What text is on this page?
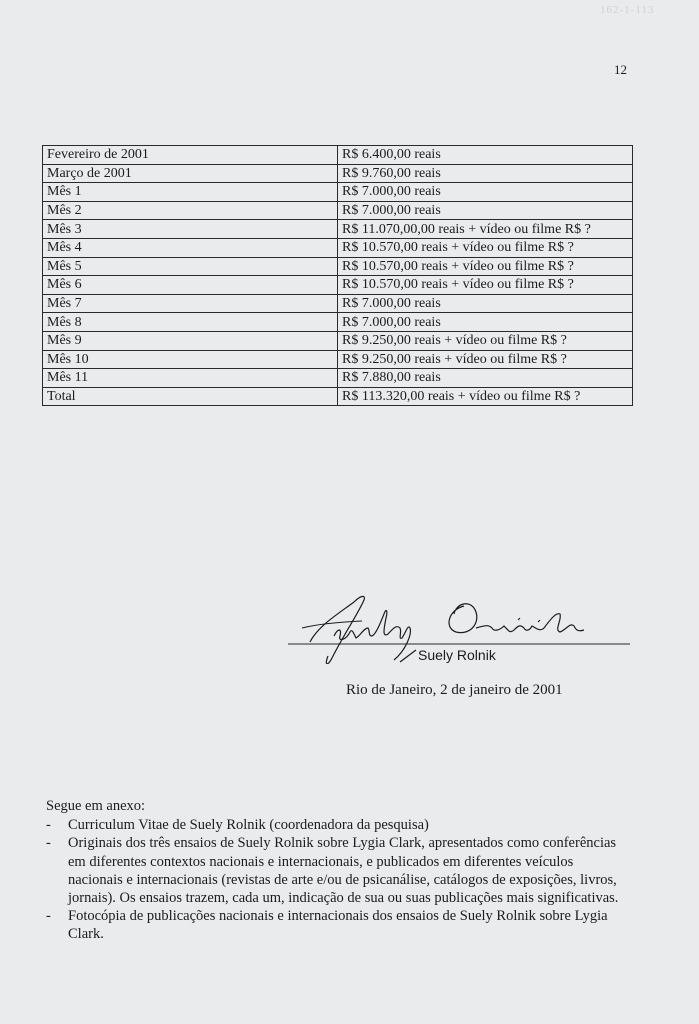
162-1-113
12
Fevereiro de 2001	R$ 6.400,00 reais
Março de 2001	R$ 9.760,00 reais
Mês 1	R$ 7.000,00 reais
Mês 2	R$ 7.000,00 reais
Mês 3	R$ 11.070,00,00 reais + vídeo ou filme R$ ?
Mês 4	R$ 10.570,00 reais + vídeo ou filme R$ ?
Mês 5	R$ 10.570,00 reais + vídeo ou filme R$ ?
Mês 6	R$ 10.570,00 reais + vídeo ou filme R$ ?
Mês 7	R$ 7.000,00 reais
Mês 8	R$ 7.000,00 reais
Mês 9	R$ 9.250,00 reais + vídeo ou filme R$ ?
Mês 10	R$ 9.250,00 reais + vídeo ou filme R$ ?
Mês 11	R$ 7.880,00 reais
Total	R$ 113.320,00 reais + vídeo ou filme R$ ?
Suely Rolnik
Rio de Janeiro, 2 de janeiro de 2001
Segue em anexo:
- Curriculum Vitae de Suely Rolnik (coordenadora da pesquisa)
- Originais dos três ensaios de Suely Rolnik sobre Lygia Clark, apresentados como conferências em diferentes contextos nacionais e internacionais, e publicados em diferentes veículos nacionais e internacionais (revistas de arte e/ou de psicanálise, catálogos de exposições, livros, jornais). Os ensaios trazem, cada um, indicação de sua ou suas publicações mais significativas.
- Fotocópia de publicações nacionais e internacionais dos ensaios de Suely Rolnik sobre Lygia Clark.
